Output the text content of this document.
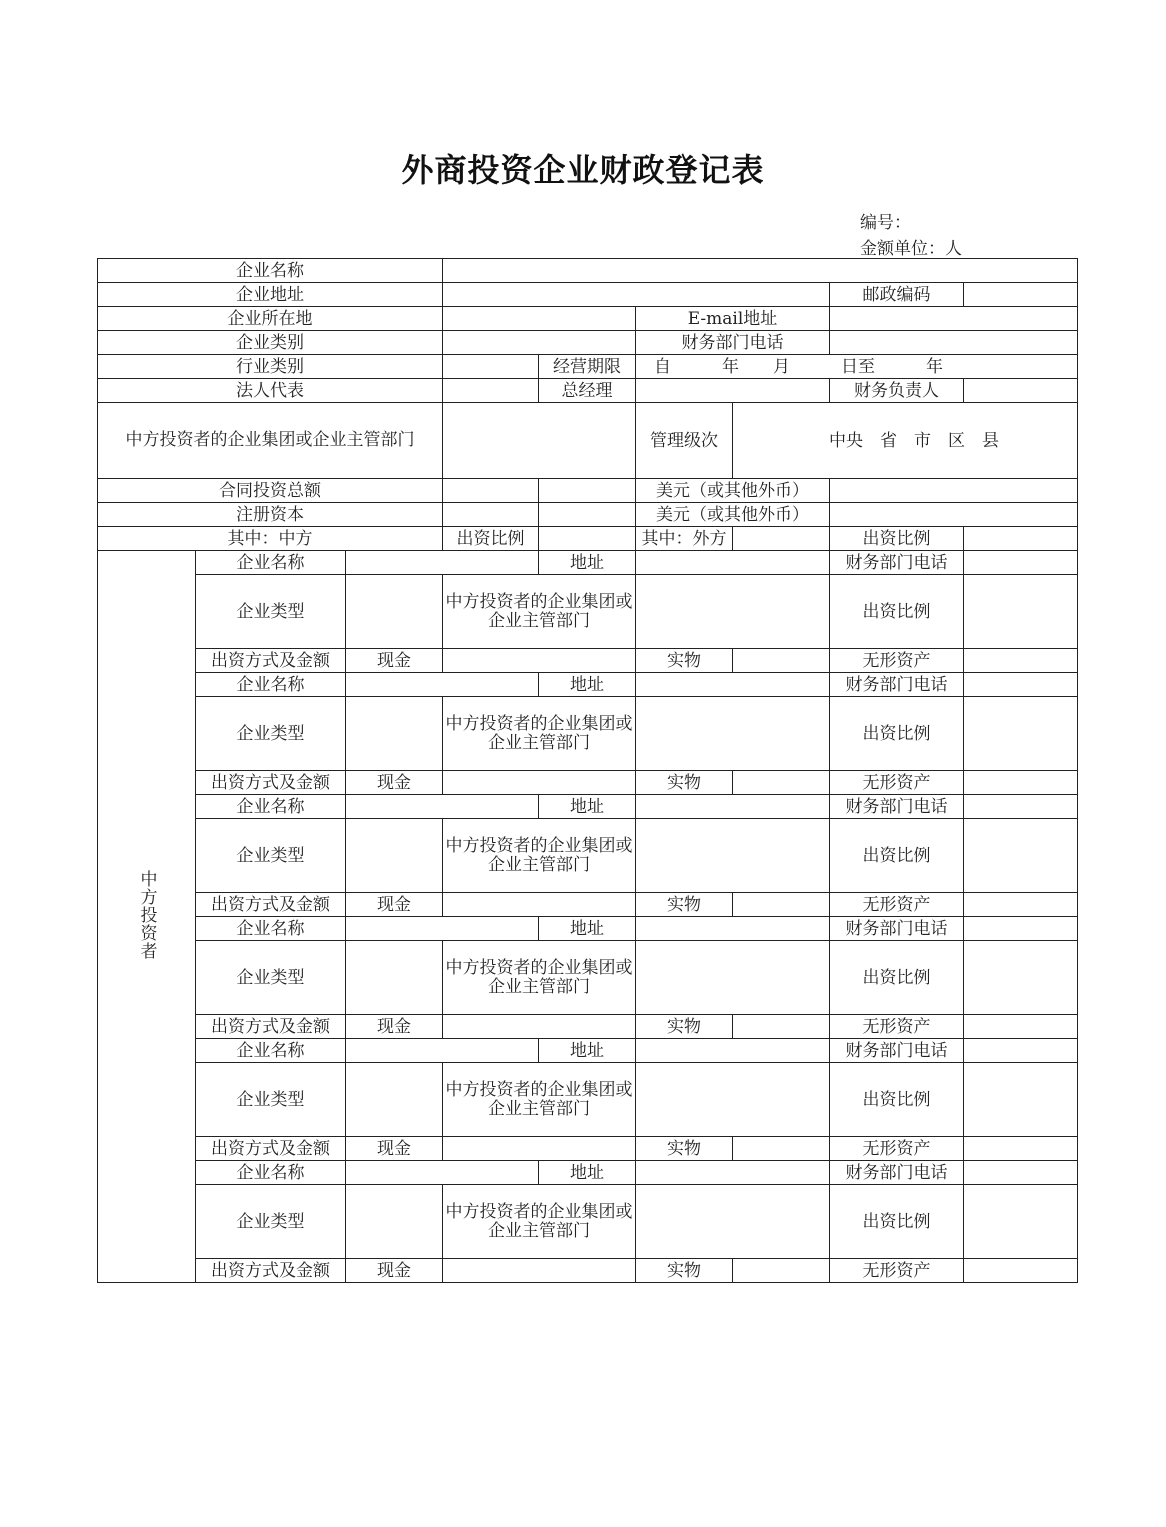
外商投资企业财政登记表
编号：
金额单位：人
企业名称								
企业地址							邮政编码	
企业所在地					E-mail地址			
企业类别					财务部门电话			
行业类别				经营期限	自　　　年　　月　　　日至　　　年			
法人代表				总经理			财务负责人	
中方投资者的企业集团或企业主管部门					管理级次	中央　省　市　区　县		
合同投资总额					美元（或其他外币）			
注册资本					美元（或其他外币）			
其中：中方			出资比例		其中：外方		出资比例	
中方投资者	企业名称			地址			财务部门电话	
	企业类型		中方投资者的企业集团或企业主管部门				出资比例	
	出资方式及金额	现金			实物		无形资产	
	企业名称			地址			财务部门电话	
	企业类型		中方投资者的企业集团或企业主管部门				出资比例	
	出资方式及金额	现金			实物		无形资产	
	企业名称			地址			财务部门电话	
	企业类型		中方投资者的企业集团或企业主管部门				出资比例	
	出资方式及金额	现金			实物		无形资产	
	企业名称			地址			财务部门电话	
	企业类型		中方投资者的企业集团或企业主管部门				出资比例	
	出资方式及金额	现金			实物		无形资产	
	企业名称			地址			财务部门电话	
	企业类型		中方投资者的企业集团或企业主管部门				出资比例	
	出资方式及金额	现金			实物		无形资产	
	企业名称			地址			财务部门电话	
	企业类型		中方投资者的企业集团或企业主管部门				出资比例	
	出资方式及金额	现金			实物		无形资产	
